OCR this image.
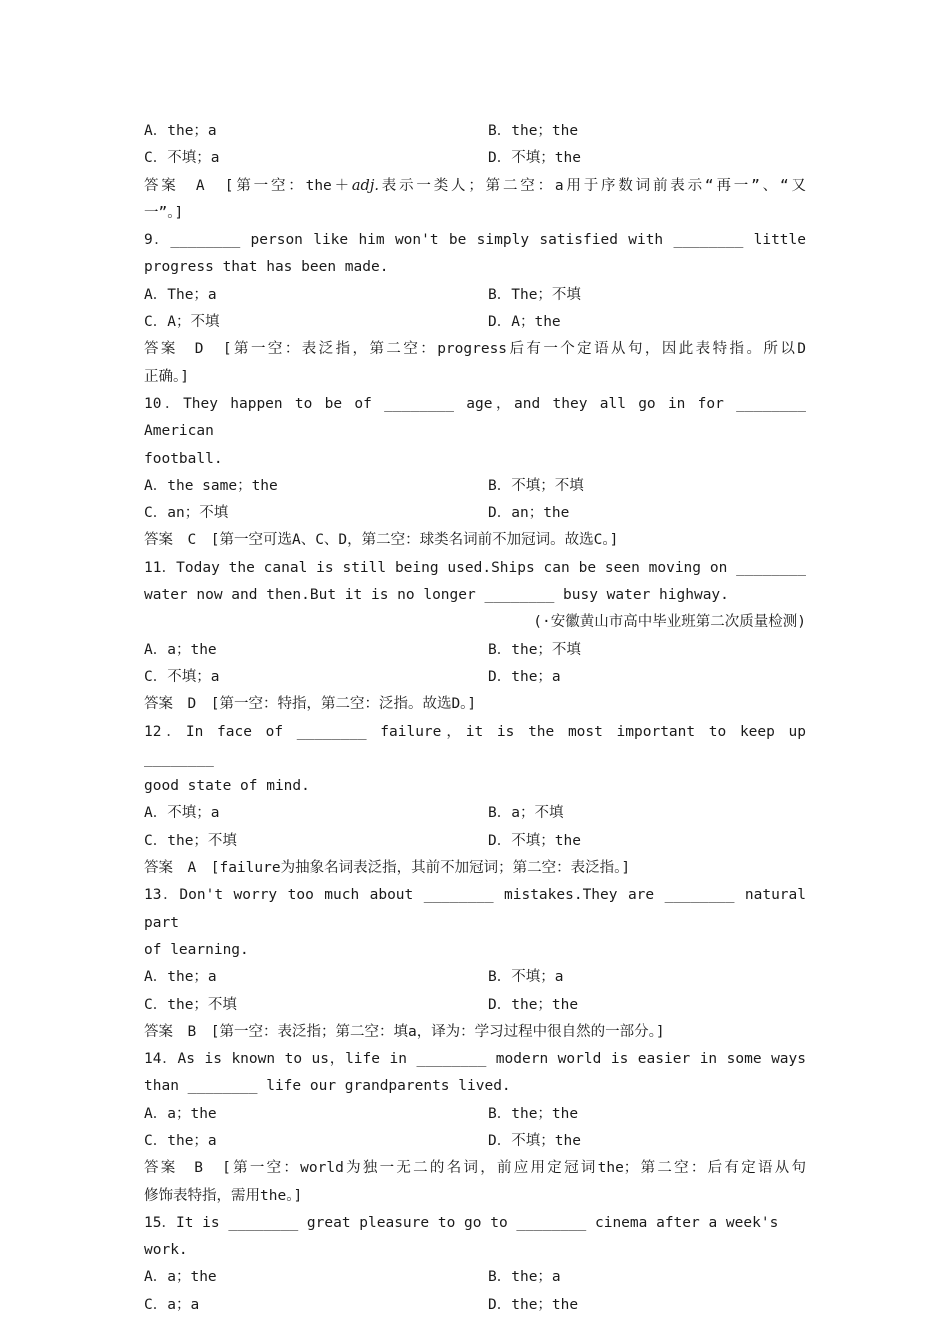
A．the；a	B．the；the
C．不填；a	D．不填；the
答案　A　[第一空：the＋adj.表示一类人；第二空：a用于序数词前表示“再一”、“又
一”。]
9．________ person like him won't be simply satisfied with ________ little
progress that has been made.
A．The；a	B．The；不填
C．A；不填	D．A；the
答案　D　[第一空：表泛指，第二空：progress后有一个定语从句，因此表特指。所以D
正确。]
10．They happen to be of ________ age，and they all go in for ________ American
football.
A．the same；the	B．不填；不填
C．an；不填	D．an；the
答案　C　[第一空可选A、C、D，第二空：球类名词前不加冠词。故选C。]
11．Today the canal is still being used.Ships can be seen moving on ________
water now and then.But it is no longer ________ busy water highway.
(·安徽黄山市高中毕业班第二次质量检测)
A．a；the	B．the；不填
C．不填；a	D．the；a
答案　D　[第一空：特指，第二空：泛指。故选D。]
12．In face of ________ failure，it is the most important to keep up ________
good state of mind.
A．不填；a	B．a；不填
C．the；不填	D．不填；the
答案　A　[failure为抽象名词表泛指，其前不加冠词；第二空：表泛指。]
13．Don't worry too much about ________ mistakes.They are ________ natural part
of learning.
A．the；a	B．不填；a
C．the；不填	D．the；the
答案　B　[第一空：表泛指；第二空：填a，译为：学习过程中很自然的一部分。]
14．As is known to us，life in ________ modern world is easier in some ways
than ________ life our grandparents lived.
A．a；the	B．the；the
C．the；a	D．不填；the
答案　B　[第一空：world为独一无二的名词，前应用定冠词the；第二空：后有定语从句
修饰表特指，需用the。]
15．It is ________ great pleasure to go to ________ cinema after a week's work.
A．a；the	B．the；a
C．a；a	D．the；the
